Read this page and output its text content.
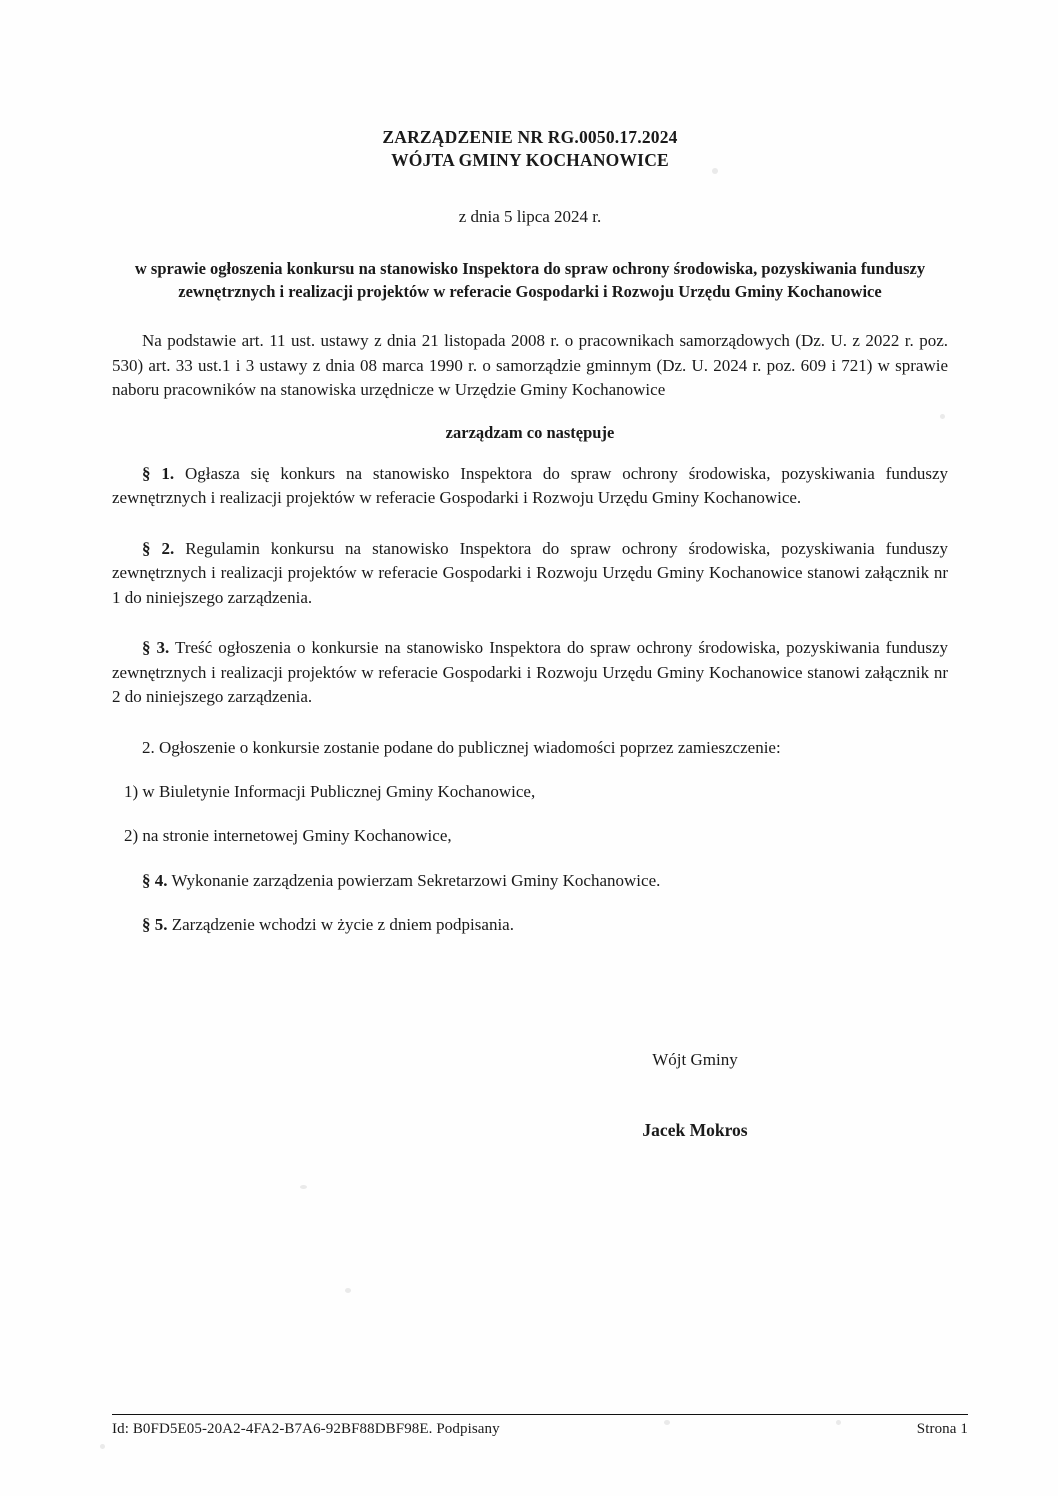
ZARZĄDZENIE NR RG.0050.17.2024
WÓJTA GMINY KOCHANOWICE
z dnia 5 lipca 2024 r.
w sprawie ogłoszenia konkursu na stanowisko Inspektora do spraw ochrony środowiska, pozyskiwania funduszy zewnętrznych i realizacji projektów w referacie Gospodarki i Rozwoju Urzędu Gminy Kochanowice
Na podstawie art. 11 ust. ustawy z dnia 21 listopada 2008 r. o pracownikach samorządowych (Dz. U. z 2022 r. poz. 530) art. 33 ust.1 i 3 ustawy z dnia 08 marca 1990 r. o samorządzie gminnym (Dz. U. 2024 r. poz. 609 i 721) w sprawie naboru pracowników na stanowiska urzędnicze w Urzędzie Gminy Kochanowice
zarządzam co następuje
§ 1. Ogłasza się konkurs na stanowisko Inspektora do spraw ochrony środowiska, pozyskiwania funduszy zewnętrznych i realizacji projektów w referacie Gospodarki i Rozwoju Urzędu Gminy Kochanowice.
§ 2. Regulamin konkursu na stanowisko Inspektora do spraw ochrony środowiska, pozyskiwania funduszy zewnętrznych i realizacji projektów w referacie Gospodarki i Rozwoju Urzędu Gminy Kochanowice stanowi załącznik nr 1 do niniejszego zarządzenia.
§ 3. Treść ogłoszenia o konkursie na stanowisko Inspektora do spraw ochrony środowiska, pozyskiwania funduszy zewnętrznych i realizacji projektów w referacie Gospodarki i Rozwoju Urzędu Gminy Kochanowice stanowi załącznik nr 2 do niniejszego zarządzenia.
2. Ogłoszenie o konkursie zostanie podane do publicznej wiadomości poprzez zamieszczenie:
1) w Biuletynie Informacji Publicznej Gminy Kochanowice,
2) na stronie internetowej Gminy Kochanowice,
§ 4. Wykonanie zarządzenia powierzam Sekretarzowi Gminy Kochanowice.
§ 5. Zarządzenie wchodzi w życie z dniem podpisania.
Wójt Gminy
Jacek Mokros
Id: B0FD5E05-20A2-4FA2-B7A6-92BF88DBF98E. Podpisany	Strona 1
